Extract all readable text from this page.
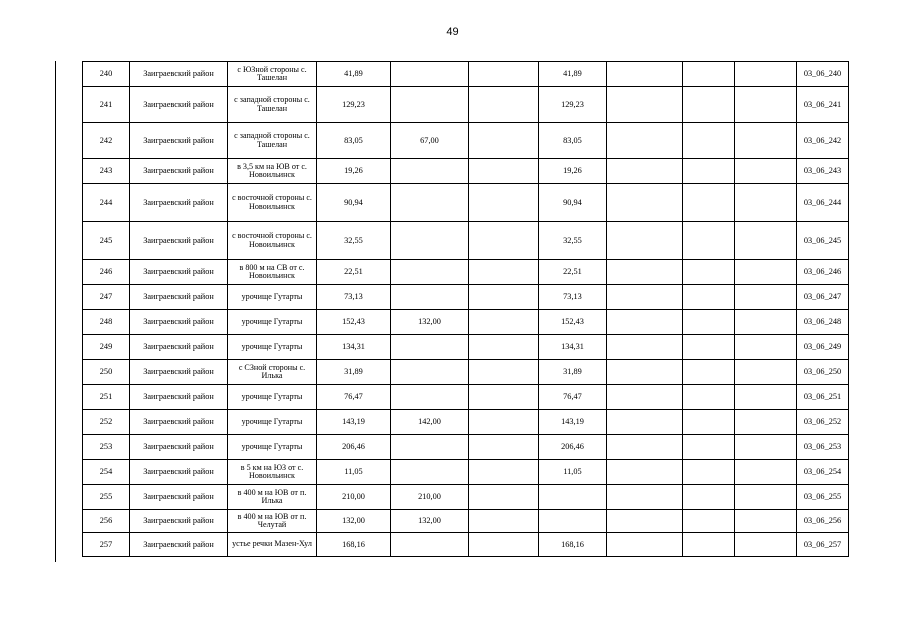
49
240	Заиграевский район	с ЮЗной стороны с. Ташелан	41,89			41,89				03_06_240
241	Заиграевский район	с западной стороны с. Ташелан	129,23			129,23				03_06_241
242	Заиграевский район	с западной стороны с. Ташелан	83,05	67,00		83,05				03_06_242
243	Заиграевский район	в 3,5 км на ЮВ от с. Новоильинск	19,26			19,26				03_06_243
244	Заиграевский район	с восточной стороны с. Новоильинск	90,94			90,94				03_06_244
245	Заиграевский район	с восточной стороны с. Новоильинск	32,55			32,55				03_06_245
246	Заиграевский район	в 800 м на СВ от с. Новоильинск	22,51			22,51				03_06_246
247	Заиграевский район	урочище Гутарты	73,13			73,13				03_06_247
248	Заиграевский район	урочище Гутарты	152,43	132,00		152,43				03_06_248
249	Заиграевский район	урочище Гутарты	134,31			134,31				03_06_249
250	Заиграевский район	с СЗной стороны с. Илька	31,89			31,89				03_06_250
251	Заиграевский район	урочище Гутарты	76,47			76,47				03_06_251
252	Заиграевский район	урочище Гутарты	143,19	142,00		143,19				03_06_252
253	Заиграевский район	урочище Гутарты	206,46			206,46				03_06_253
254	Заиграевский район	в 5 км на ЮЗ от с. Новоильинск	11,05			11,05				03_06_254
255	Заиграевский район	в 400 м на ЮВ от п. Илька	210,00	210,00						03_06_255
256	Заиграевский район	в 400 м на ЮВ от п. Челутай	132,00	132,00						03_06_256
257	Заиграевский район	устье речки Мазен-Хул	168,16			168,16				03_06_257
